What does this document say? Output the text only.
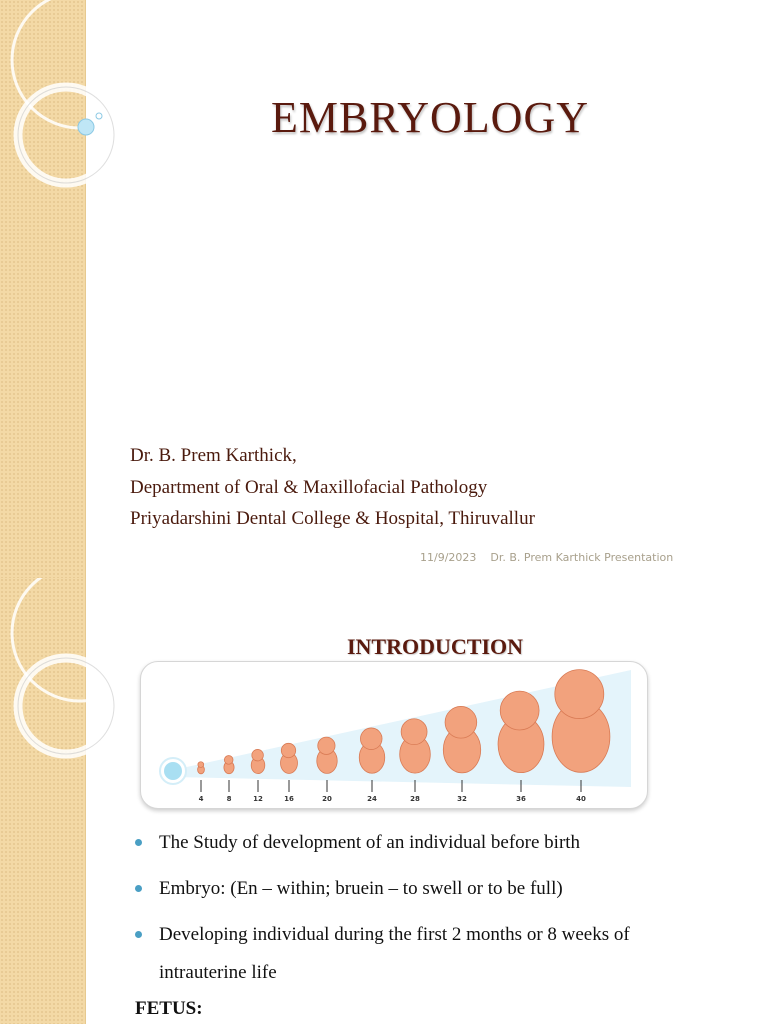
EMBRYOLOGY
Dr. B. Prem Karthick,
Department of Oral & Maxillofacial Pathology
Priyadarshini Dental College & Hospital, Thiruvallur
11/9/2023 Dr. B. Prem Karthick Presentation
INTRODUCTION
4	8	12	16	20	24	28	32	36	40
The Study of development of an individual before birth
Embryo: (En – within; bruein – to swell or to be full)
Developing individual during the first 2 months or 8 weeks of intrauterine life
FETUS:
